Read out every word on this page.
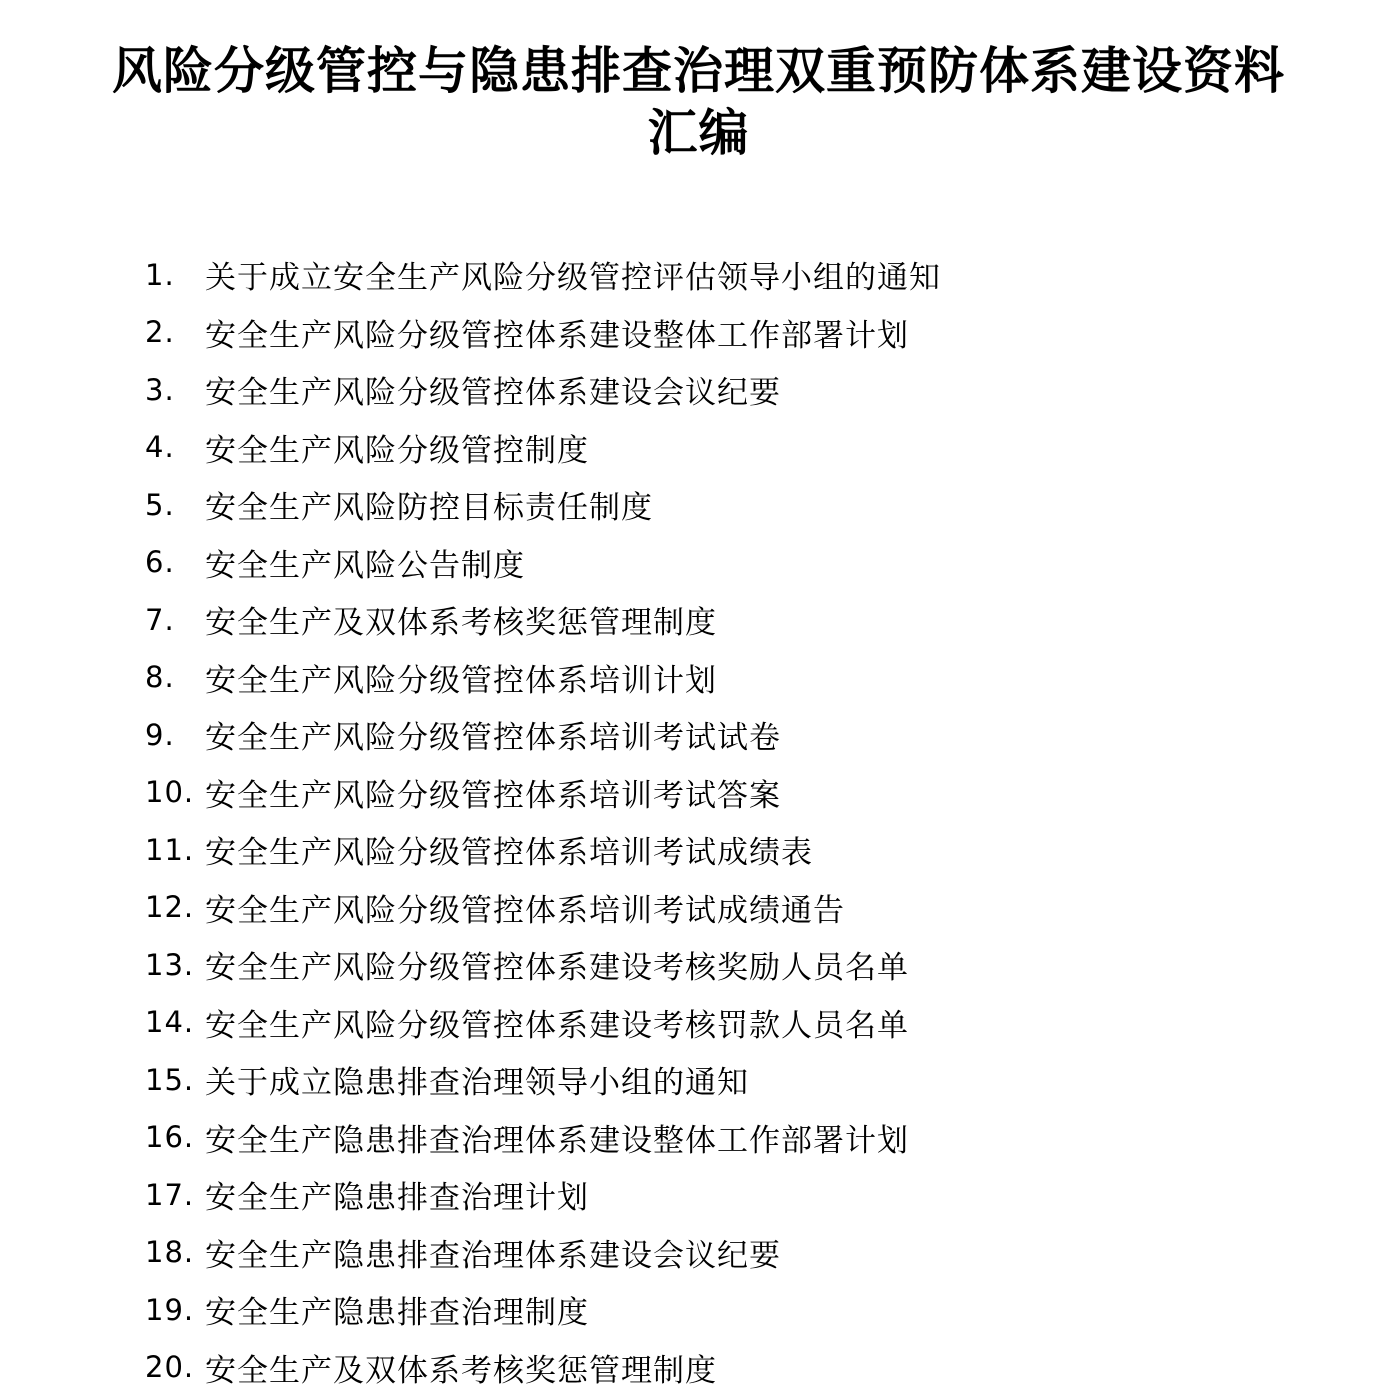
风险分级管控与隐患排查治理双重预防体系建设资料汇编
1. 关于成立安全生产风险分级管控评估领导小组的通知
2. 安全生产风险分级管控体系建设整体工作部署计划
3. 安全生产风险分级管控体系建设会议纪要
4. 安全生产风险分级管控制度
5. 安全生产风险防控目标责任制度
6. 安全生产风险公告制度
7. 安全生产及双体系考核奖惩管理制度
8. 安全生产风险分级管控体系培训计划
9. 安全生产风险分级管控体系培训考试试卷
10. 安全生产风险分级管控体系培训考试答案
11. 安全生产风险分级管控体系培训考试成绩表
12. 安全生产风险分级管控体系培训考试成绩通告
13. 安全生产风险分级管控体系建设考核奖励人员名单
14. 安全生产风险分级管控体系建设考核罚款人员名单
15. 关于成立隐患排查治理领导小组的通知
16. 安全生产隐患排查治理体系建设整体工作部署计划
17. 安全生产隐患排查治理计划
18. 安全生产隐患排查治理体系建设会议纪要
19. 安全生产隐患排查治理制度
20. 安全生产及双体系考核奖惩管理制度
